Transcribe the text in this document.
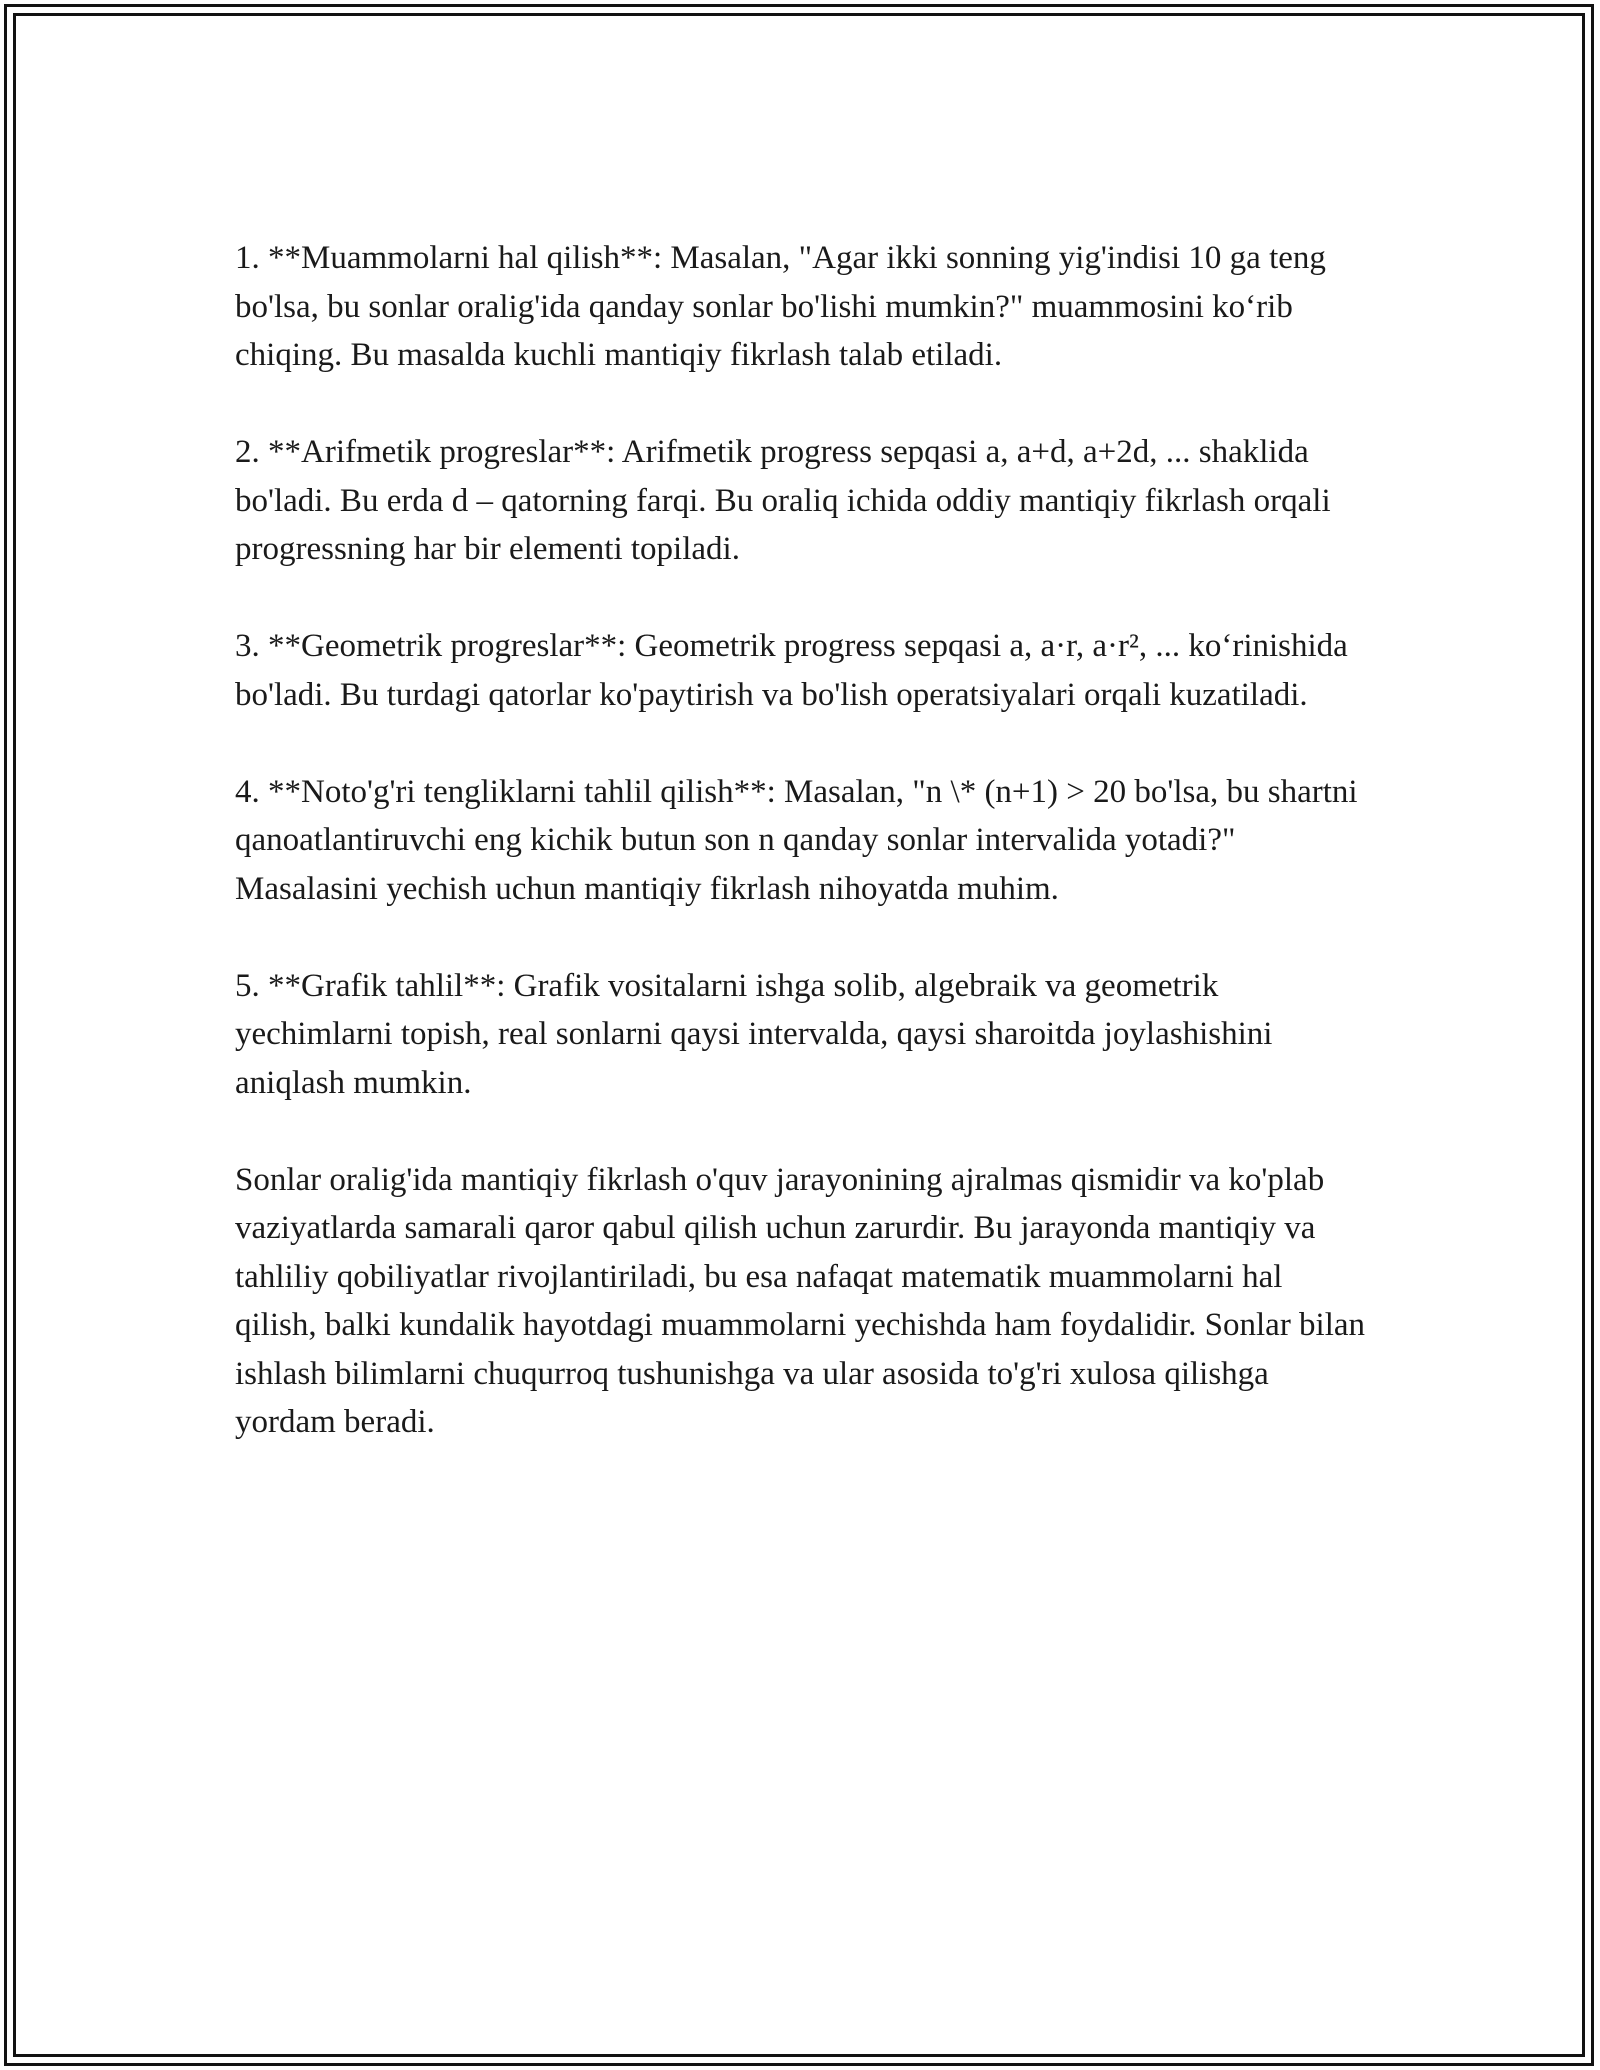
1. **Muammolarni hal qilish**: Masalan, "Agar ikki sonning yig'indisi 10 ga teng bo'lsa, bu sonlar oralig'ida qanday sonlar bo'lishi mumkin?" muammosini ko‘rib chiqing. Bu masalda kuchli mantiqiy fikrlash talab etiladi.

2. **Arifmetik progreslar**: Arifmetik progress sepqasi a, a+d, a+2d, ... shaklida bo'ladi. Bu erda d – qatorning farqi. Bu oraliq ichida oddiy mantiqiy fikrlash orqali progressning har bir elementi topiladi.

3. **Geometrik progreslar**: Geometrik progress sepqasi a, a·r, a·r², ... ko‘rinishida bo'ladi. Bu turdagi qatorlar ko'paytirish va bo'lish operatsiyalari orqali kuzatiladi.

4. **Noto'g'ri tengliklarni tahlil qilish**: Masalan, "n \* (n+1) > 20 bo'lsa, bu shartni qanoatlantiruvchi eng kichik butun son n qanday sonlar intervalida yotadi?" Masalasini yechish uchun mantiqiy fikrlash nihoyatda muhim.

5. **Grafik tahlil**: Grafik vositalarni ishga solib, algebraik va geometrik yechimlarni topish, real sonlarni qaysi intervalda, qaysi sharoitda joylashishini aniqlash mumkin.

Sonlar oralig'ida mantiqiy fikrlash o'quv jarayonining ajralmas qismidir va ko'plab vaziyatlarda samarali qaror qabul qilish uchun zarurdir. Bu jarayonda mantiqiy va tahliliy qobiliyatlar rivojlantiriladi, bu esa nafaqat matematik muammolarni hal qilish, balki kundalik hayotdagi muammolarni yechishda ham foydalidir. Sonlar bilan ishlash bilimlarni chuqurroq tushunishga va ular asosida to'g'ri xulosa qilishga yordam beradi.
